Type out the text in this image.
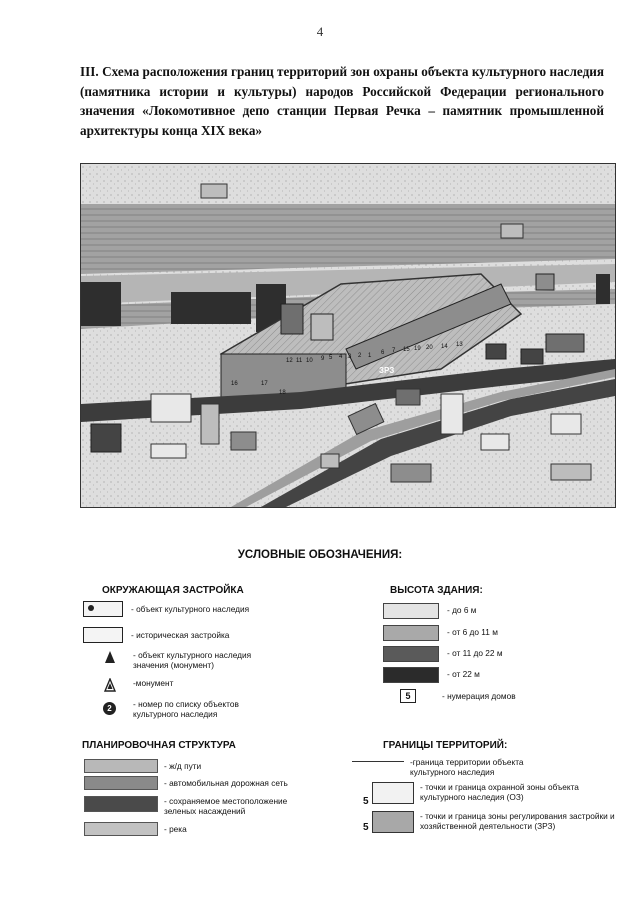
4
III. Схема расположения границ территорий зон охраны объекта культурного наследия (памятника истории и культуры) народов Российской Федерации регионального значения «Локомотивное депо станции Первая Речка – памятник промышленной архитектуры конца XIX века»
ЗРЗ
12 11 10 9 5 4 3 2 1 6 7 15
16	17
18
19 20 14 13
УСЛОВНЫЕ ОБОЗНАЧЕНИЯ:
ОКРУЖАЮЩАЯ ЗАСТРОЙКА
- объект культурного наследия
- историческая застройка
- объект культурного наследия значения (монумент)
-монумент
2	- номер по списку объектов культурного наследия
ВЫСОТА ЗДАНИЯ:
- до 6 м
- от 6 до 11 м
- от 11 до 22 м
- от 22 м
5	- нумерация домов
ПЛАНИРОВОЧНАЯ СТРУКТУРА
- ж/д пути
- автомобильная дорожная сеть
- сохраняемое местоположение зеленых насаждений
- река
ГРАНИЦЫ ТЕРРИТОРИЙ:
-граница территории объекта культурного наследия
5
- точки и граница охранной зоны объекта культурного наследия (ОЗ)
5
- точки и граница зоны регулирования застройки и хозяйственной деятельности (ЗРЗ)
